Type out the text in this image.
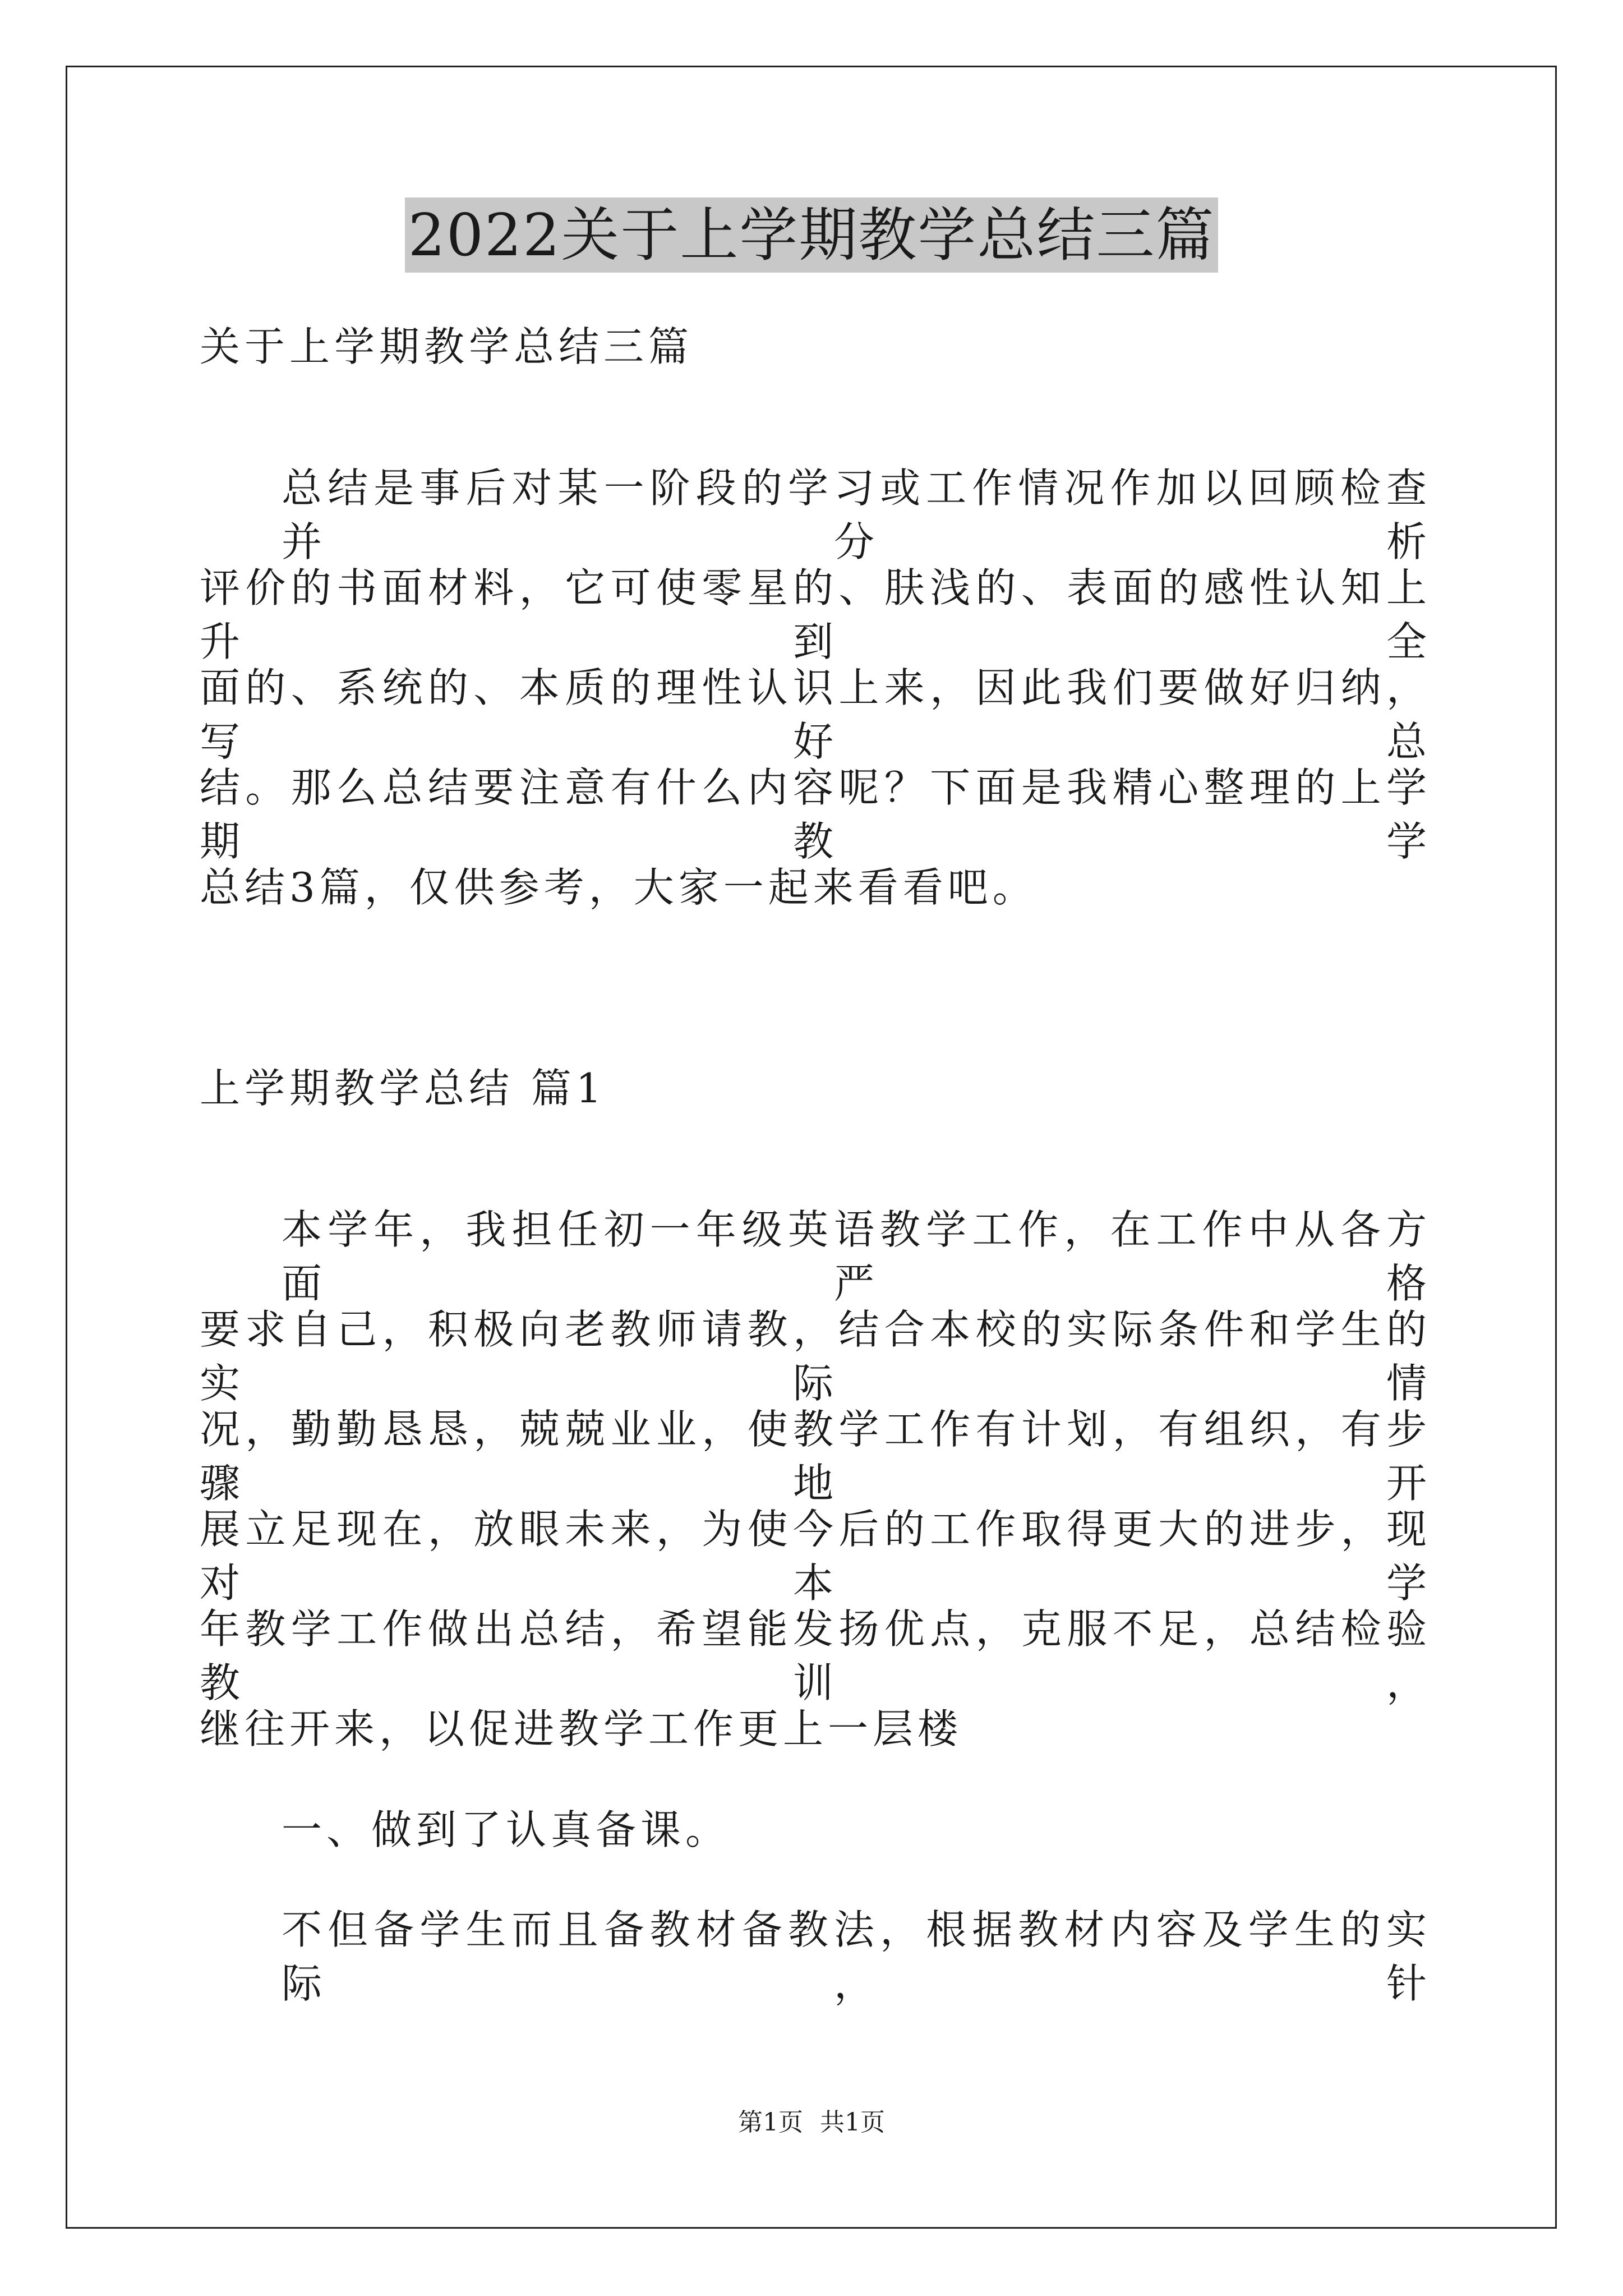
2022关于上学期教学总结三篇
关于上学期教学总结三篇
总结是事后对某一阶段的学习或工作情况作加以回顾检查并分析
评价的书面材料，它可使零星的、肤浅的、表面的感性认知上升到全
面的、系统的、本质的理性认识上来，因此我们要做好归纳，写好总
结。那么总结要注意有什么内容呢？下面是我精心整理的上学期教学
总结3篇，仅供参考，大家一起来看看吧。
上学期教学总结 篇1
本学年，我担任初一年级英语教学工作，在工作中从各方面严格
要求自己，积极向老教师请教，结合本校的实际条件和学生的实际情
况，勤勤恳恳，兢兢业业，使教学工作有计划，有组织，有步骤地开
展立足现在，放眼未来，为使今后的工作取得更大的进步，现对本学
年教学工作做出总结，希望能发扬优点，克服不足，总结检验教训，
继往开来，以促进教学工作更上一层楼
一、做到了认真备课。
不但备学生而且备教材备教法，根据教材内容及学生的实际，针
第1页 共1页
